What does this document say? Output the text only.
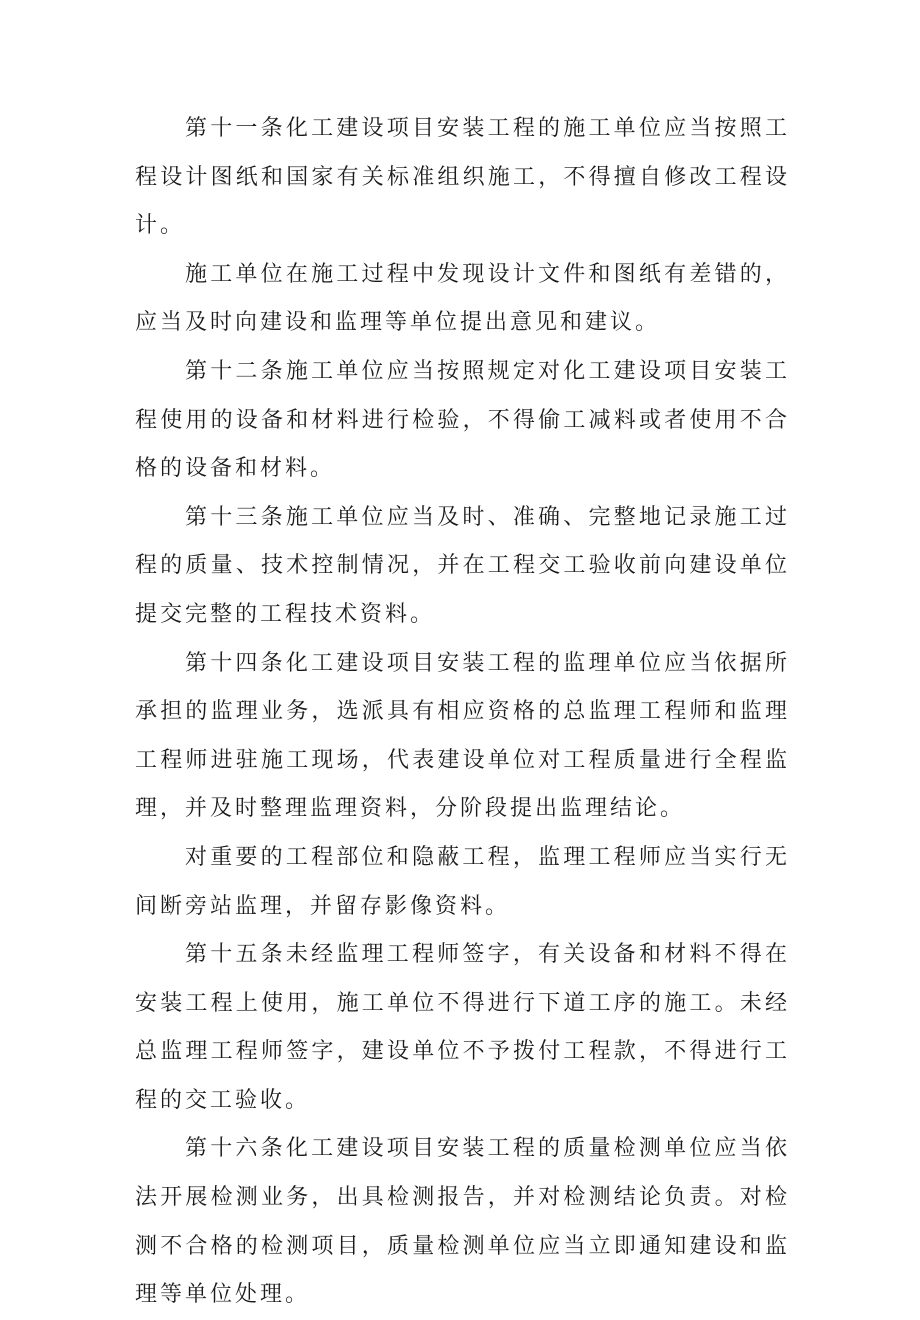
第十一条化工建设项目安装工程的施工单位应当按照工程设计图纸和国家有关标准组织施工，不得擅自修改工程设计。

施工单位在施工过程中发现设计文件和图纸有差错的，应当及时向建设和监理等单位提出意见和建议。

第十二条施工单位应当按照规定对化工建设项目安装工程使用的设备和材料进行检验，不得偷工减料或者使用不合格的设备和材料。

第十三条施工单位应当及时、准确、完整地记录施工过程的质量、技术控制情况，并在工程交工验收前向建设单位提交完整的工程技术资料。

第十四条化工建设项目安装工程的监理单位应当依据所承担的监理业务，选派具有相应资格的总监理工程师和监理工程师进驻施工现场，代表建设单位对工程质量进行全程监理，并及时整理监理资料，分阶段提出监理结论。

对重要的工程部位和隐蔽工程，监理工程师应当实行无间断旁站监理，并留存影像资料。

第十五条未经监理工程师签字，有关设备和材料不得在安装工程上使用，施工单位不得进行下道工序的施工。未经总监理工程师签字，建设单位不予拨付工程款，不得进行工程的交工验收。

第十六条化工建设项目安装工程的质量检测单位应当依法开展检测业务，出具检测报告，并对检测结论负责。对检测不合格的检测项目，质量检测单位应当立即通知建设和监理等单位处理。
